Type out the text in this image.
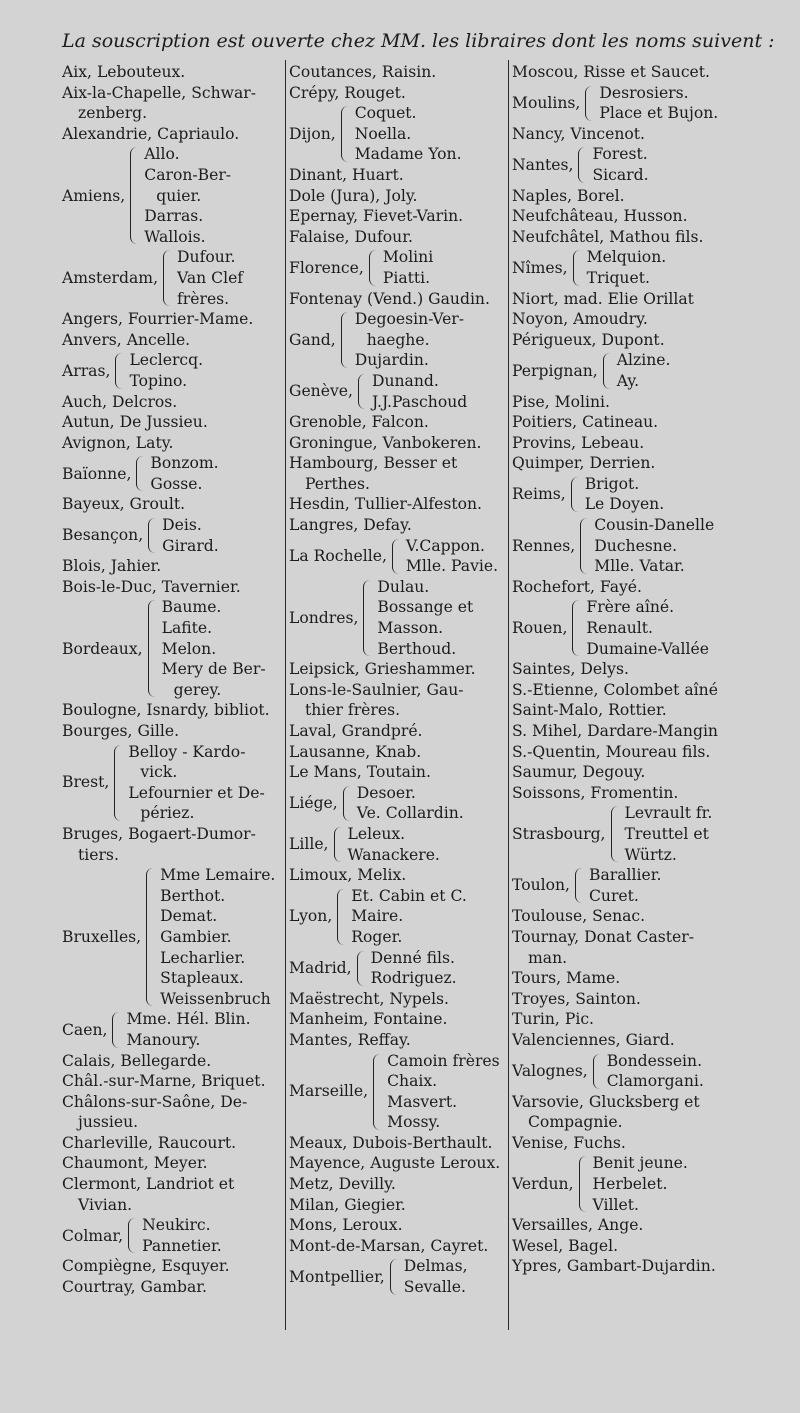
La souscription est ouverte chez MM. les libraires dont les noms suivent :
Aix, Lebouteux.
Aix-la-Chapelle, Schwar-
zenberg.
Alexandrie, Capriaulo.
Amiens,
Allo.
Caron-Ber-
quier.
Darras.
Wallois.
Amsterdam,
Dufour.
Van Clef
frères.
Angers, Fourrier-Mame.
Anvers, Ancelle.
Arras,
Leclercq.
Topino.
Auch, Delcros.
Autun, De Jussieu.
Avignon, Laty.
Baïonne,
Bonzom.
Gosse.
Bayeux, Groult.
Besançon,
Deis.
Girard.
Blois, Jahier.
Bois-le-Duc, Tavernier.
Bordeaux,
Baume.
Lafite.
Melon.
Mery de Ber-
gerey.
Boulogne, Isnardy, bibliot.
Bourges, Gille.
Brest,
Belloy - Kardo-
vick.
Lefournier et De-
périez.
Bruges, Bogaert-Dumor-
tiers.
Bruxelles,
Mme Lemaire.
Berthot.
Demat.
Gambier.
Lecharlier.
Stapleaux.
Weissenbruch
Caen,
Mme. Hél. Blin.
Manoury.
Calais, Bellegarde.
Châl.-sur-Marne, Briquet.
Châlons-sur-Saône, De-
jussieu.
Charleville, Raucourt.
Chaumont, Meyer.
Clermont, Landriot et
Vivian.
Colmar,
Neukirc.
Pannetier.
Compiègne, Esquyer.
Courtray, Gambar.
Coutances, Raisin.
Crépy, Rouget.
Dijon,
Coquet.
Noella.
Madame Yon.
Dinant, Huart.
Dole (Jura), Joly.
Epernay, Fievet-Varin.
Falaise, Dufour.
Florence,
Molini
Piatti.
Fontenay (Vend.) Gaudin.
Gand,
Degoesin-Ver-
haeghe.
Dujardin.
Genève,
Dunand.
J.J.Paschoud
Grenoble, Falcon.
Groningue, Vanbokeren.
Hambourg, Besser et
Perthes.
Hesdin, Tullier-Alfeston.
Langres, Defay.
La Rochelle,
V.Cappon.
Mlle. Pavie.
Londres,
Dulau.
Bossange et
Masson.
Berthoud.
Leipsick, Grieshammer.
Lons-le-Saulnier, Gau-
thier frères.
Laval, Grandpré.
Lausanne, Knab.
Le Mans, Toutain.
Liége,
Desoer.
Ve. Collardin.
Lille,
Leleux.
Wanackere.
Limoux, Melix.
Lyon,
Et. Cabin et C.
Maire.
Roger.
Madrid,
Denné fils.
Rodriguez.
Maëstrecht, Nypels.
Manheim, Fontaine.
Mantes, Reffay.
Marseille,
Camoin frères
Chaix.
Masvert.
Mossy.
Meaux, Dubois-Berthault.
Mayence, Auguste Leroux.
Metz, Devilly.
Milan, Giegier.
Mons, Leroux.
Mont-de-Marsan, Cayret.
Montpellier,
Delmas,
Sevalle.
Moscou, Risse et Saucet.
Moulins,
Desrosiers.
Place et Bujon.
Nancy, Vincenot.
Nantes,
Forest.
Sicard.
Naples, Borel.
Neufchâteau, Husson.
Neufchâtel, Mathou fils.
Nîmes,
Melquion.
Triquet.
Niort, mad. Elie Orillat
Noyon, Amoudry.
Périgueux, Dupont.
Perpignan,
Alzine.
Ay.
Pise, Molini.
Poitiers, Catineau.
Provins, Lebeau.
Quimper, Derrien.
Reims,
Brigot.
Le Doyen.
Rennes,
Cousin-Danelle
Duchesne.
Mlle. Vatar.
Rochefort, Fayé.
Rouen,
Frère aîné.
Renault.
Dumaine-Vallée
Saintes, Delys.
S.-Etienne, Colombet aîné
Saint-Malo, Rottier.
S. Mihel, Dardare-Mangin
S.-Quentin, Moureau fils.
Saumur, Degouy.
Soissons, Fromentin.
Strasbourg,
Levrault fr.
Treuttel et
Würtz.
Toulon,
Barallier.
Curet.
Toulouse, Senac.
Tournay, Donat Caster-
man.
Tours, Mame.
Troyes, Sainton.
Turin, Pic.
Valenciennes, Giard.
Valognes,
Bondessein.
Clamorgani.
Varsovie, Glucksberg et
Compagnie.
Venise, Fuchs.
Verdun,
Benit jeune.
Herbelet.
Villet.
Versailles, Ange.
Wesel, Bagel.
Ypres, Gambart-Dujardin.
